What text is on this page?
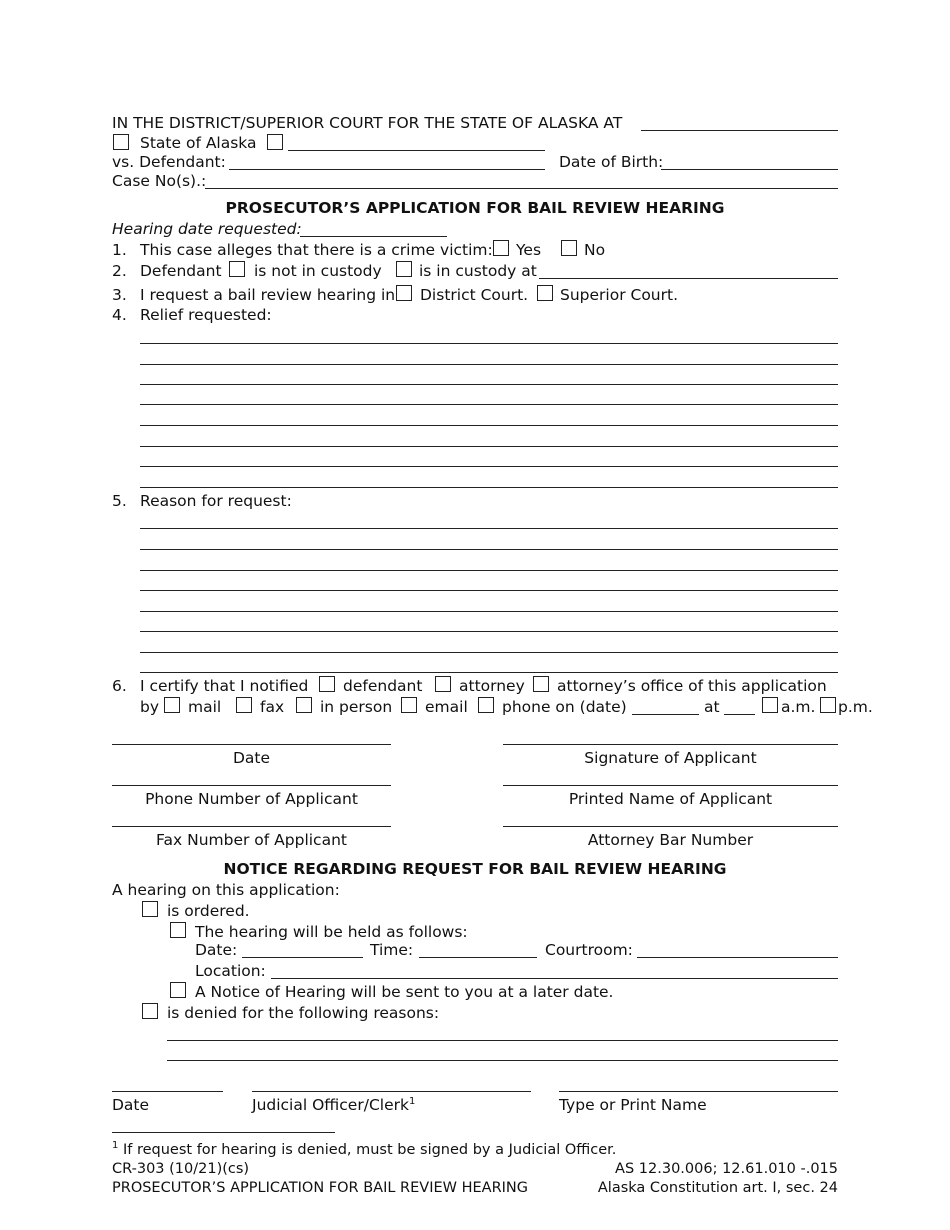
IN THE DISTRICT/SUPERIOR COURT FOR THE STATE OF ALASKA AT
State of Alaska
vs. Defendant:	Date of Birth:
Case No(s).:
PROSECUTOR’S APPLICATION FOR BAIL REVIEW HEARING
Hearing date requested:
1. This case alleges that there is a crime victim: Yes	No
2. Defendant is not in custody is in custody at
3. I request a bail review hearing in District Court. Superior Court.
4. Relief requested:
5. Reason for request:
6. I certify that I notified defendant attorney attorney’s office of this application
by mail	fax in person email phone on (date)	at	a.m. p.m.
Date	Signature of Applicant
Phone Number of Applicant	Printed Name of Applicant
Fax Number of Applicant	Attorney Bar Number
NOTICE REGARDING REQUEST FOR BAIL REVIEW HEARING
A hearing on this application:
is ordered.
The hearing will be held as follows:
Date:	Time:	Courtroom:
Location:
A Notice of Hearing will be sent to you at a later date.
is denied for the following reasons:
Date	Judicial Officer/Clerk$^1$	Type or Print Name
$^1$ If request for hearing is denied, must be signed by a Judicial Officer.
CR-303 (10/21)(cs)	AS 12.30.006; 12.61.010 -.015
PROSECUTOR’S APPLICATION FOR BAIL REVIEW HEARING	Alaska Constitution art. I, sec. 24
